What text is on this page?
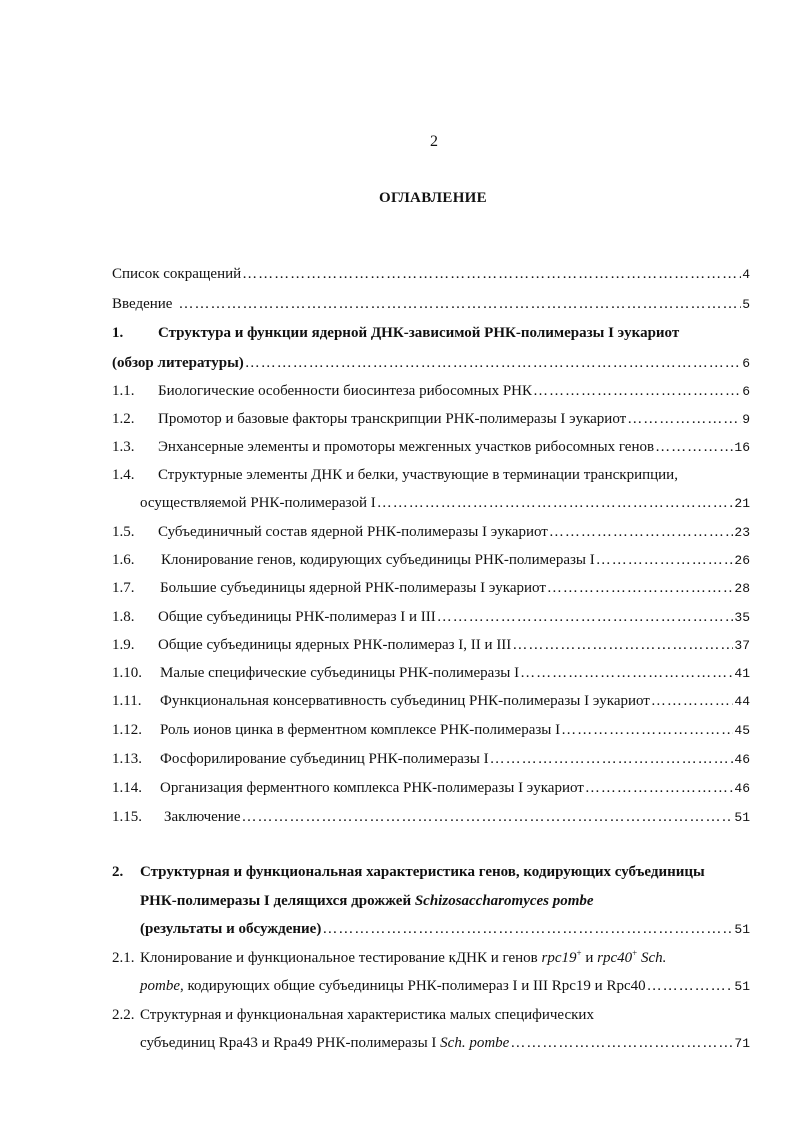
2
ОГЛАВЛЕНИЕ
Список сокращений ……………………………………………………………………………………………………………………………………………………………………………………	4
Введение ……………………………………………………………………………………………………………………………………………………………………………………	5
1.	Структура и функции ядерной ДНК-зависимой РНК-полимеразы I эукариот
(обзор литературы) ……………………………………………………………………………………………………………………………………………………………………………………	6
1.1.	Биологические особенности биосинтеза рибосомных РНК ……………………………………………………………………………………………………………………………………………………………………………………	6
1.2.	Промотор и базовые факторы транскрипции РНК-полимеразы I эукариот ……………………………………………………………………………………………………………………………………………………………………………………	9
1.3.	Энхансерные элементы и промоторы межгенных участков рибосомных генов ……………………………………………………………………………………………………………………………………………………………………………………	16
1.4.	Структурные элементы ДНК и белки, участвующие в терминации транскрипции,
осуществляемой РНК-полимеразой I ……………………………………………………………………………………………………………………………………………………………………………………	21
1.5.	Субъединичный состав ядерной РНК-полимеразы I эукариот ……………………………………………………………………………………………………………………………………………………………………………………	23
1.6.	Клонирование генов, кодирующих субъединицы РНК-полимеразы I ……………………………………………………………………………………………………………………………………………………………………………………	26
1.7.	Большие субъединицы ядерной РНК-полимеразы I эукариот ……………………………………………………………………………………………………………………………………………………………………………………	28
1.8.	Общие субъединицы РНК-полимераз I и III ……………………………………………………………………………………………………………………………………………………………………………………	35
1.9.	Общие субъединицы ядерных РНК-полимераз I, II и III ……………………………………………………………………………………………………………………………………………………………………………………	37
1.10.	Малые специфические субъединицы РНК-полимеразы I ……………………………………………………………………………………………………………………………………………………………………………………	41
1.11.	Функциональная консервативность субъединиц РНК-полимеразы I эукариот ……………………………………………………………………………………………………………………………………………………………………………………	44
1.12.	Роль ионов цинка в ферментном комплексе РНК-полимеразы I ……………………………………………………………………………………………………………………………………………………………………………………	45
1.13.	Фосфорилирование субъединиц РНК-полимеразы I ……………………………………………………………………………………………………………………………………………………………………………………	46
1.14.	Организация ферментного комплекса РНК-полимеразы I эукариот ……………………………………………………………………………………………………………………………………………………………………………………	46
1.15.	Заключение ……………………………………………………………………………………………………………………………………………………………………………………	51
2.	Структурная и функциональная характеристика генов, кодирующих субъединицы
РНК-полимеразы I делящихся дрожжей Schizosaccharomyces pombe
(результаты и обсуждение) ……………………………………………………………………………………………………………………………………………………………………………………	51
2.1. Клонирование и функциональное тестирование кДНК и генов rpc19+ и rpc40+ Sch.
pombe, кодирующих общие субъединицы РНК-полимераз I и III Rpc19 и Rpc40 ……………………………………………………………………………………………………………………………………………………………………………………	51
2.2. Структурная и функциональная характеристика малых специфических
субъединиц Rpa43 и Rpa49 РНК-полимеразы I Sch. pombe ……………………………………………………………………………………………………………………………………………………………………………………	71
